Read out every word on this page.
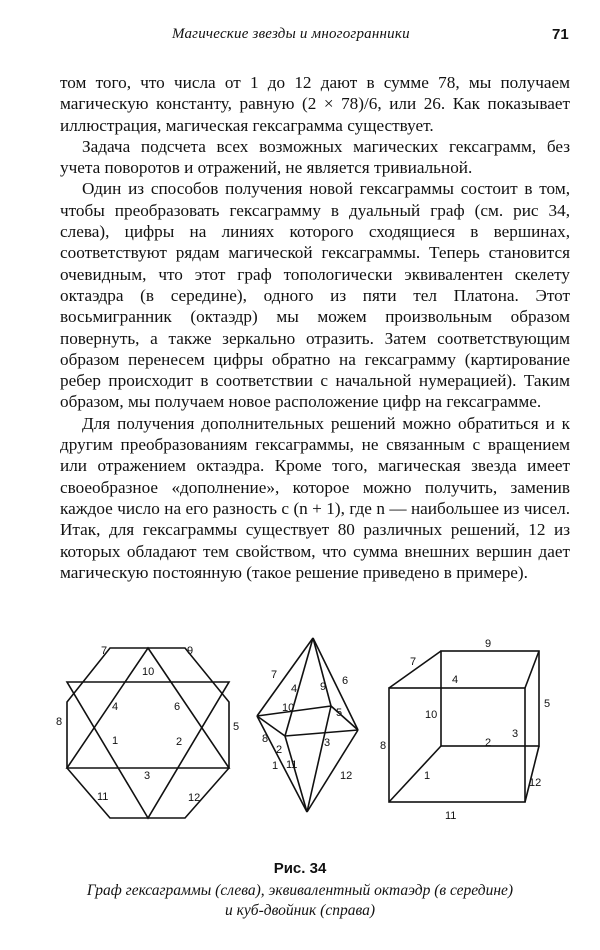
Магические звезды и многогранники	71

том того, что числа от 1 до 12 дают в сумме 78, мы получаем магическую константу, равную (2 × 78)/6, или 26. Как показывает иллюстрация, магическая гексаграмма существует.

Задача подсчета всех возможных магических гексаграмм, без учета поворотов и отражений, не является тривиальной.

Один из способов получения новой гексаграммы состоит в том, чтобы преобразовать гексаграмму в дуальный граф (см. рис 34, слева), цифры на линиях которого сходящиеся в вершинах, соответствуют рядам магической гексаграммы. Теперь становится очевидным, что этот граф топологически эквивалентен скелету октаэдра (в середине), одного из пяти тел Платона. Этот восьмигранник (октаэдр) мы можем произвольным образом повернуть, а также зеркально отразить. Затем соответствующим образом перенесем цифры обратно на гексаграмму (картирование ребер происходит в соответствии с начальной нумерацией). Таким образом, мы получаем новое расположение цифр на гексаграмме.

Для получения дополнительных решений можно обратиться и к другим преобразованиям гексаграммы, не связанным с вращением или отражением октаэдра. Кроме того, магическая звезда имеет своеобразное «дополнение», которое можно получить, заменив каждое число на его разность с (n + 1), где n — наибольшее из чисел. Итак, для гексаграммы существует 80 различных решений, 12 из которых обладают тем свойством, что сумма внешних вершин дает магическую постоянную (такое решение приведено в примере).

7	9
10
8	5
4	6
1	2
3
11	12
7	6
4 9
10	5
8	3
2
1 11
12
9
7
4
5
10
3
2
8
1
12
11
Рис. 34
Граф гексаграммы (слева), эквивалентный октаэдр (в середине)
и куб-двойник (справа)
